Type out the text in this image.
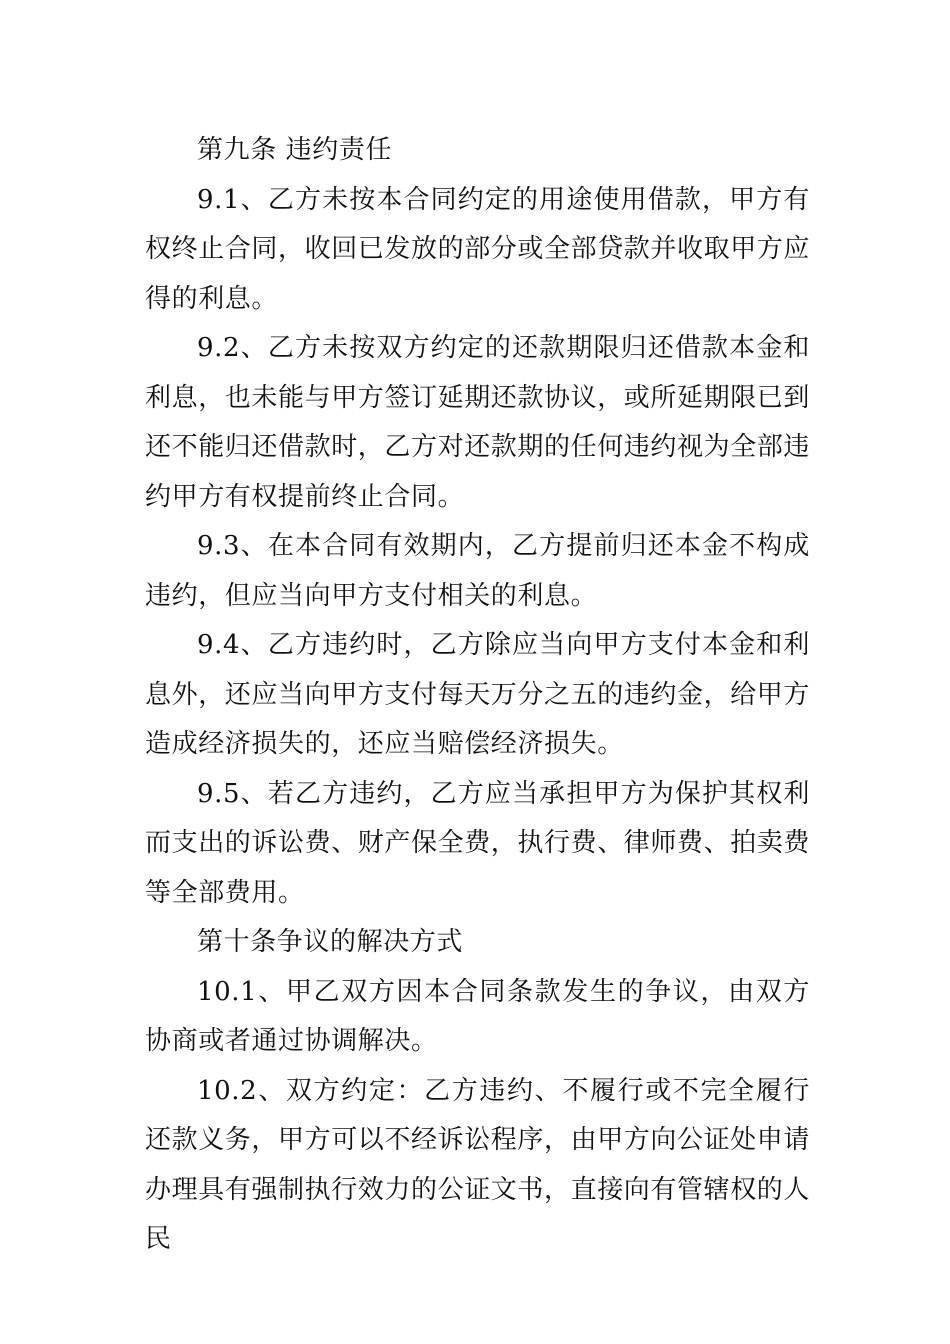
第九条 违约责任

9.1、乙方未按本合同约定的用途使用借款，甲方有权终止合同，收回已发放的部分或全部贷款并收取甲方应得的利息。

9.2、乙方未按双方约定的还款期限归还借款本金和利息，也未能与甲方签订延期还款协议，或所延期限已到还不能归还借款时，乙方对还款期的任何违约视为全部违约甲方有权提前终止合同。

9.3、在本合同有效期内，乙方提前归还本金不构成违约，但应当向甲方支付相关的利息。

9.4、乙方违约时，乙方除应当向甲方支付本金和利息外，还应当向甲方支付每天万分之五的违约金，给甲方造成经济损失的，还应当赔偿经济损失。

9.5、若乙方违约，乙方应当承担甲方为保护其权利而支出的诉讼费、财产保全费，执行费、律师费、拍卖费等全部费用。

第十条争议的解决方式

10.1、甲乙双方因本合同条款发生的争议，由双方协商或者通过协调解决。

10.2、双方约定：乙方违约、不履行或不完全履行还款义务，甲方可以不经诉讼程序，由甲方向公证处申请办理具有强制执行效力的公证文书，直接向有管辖权的人民
